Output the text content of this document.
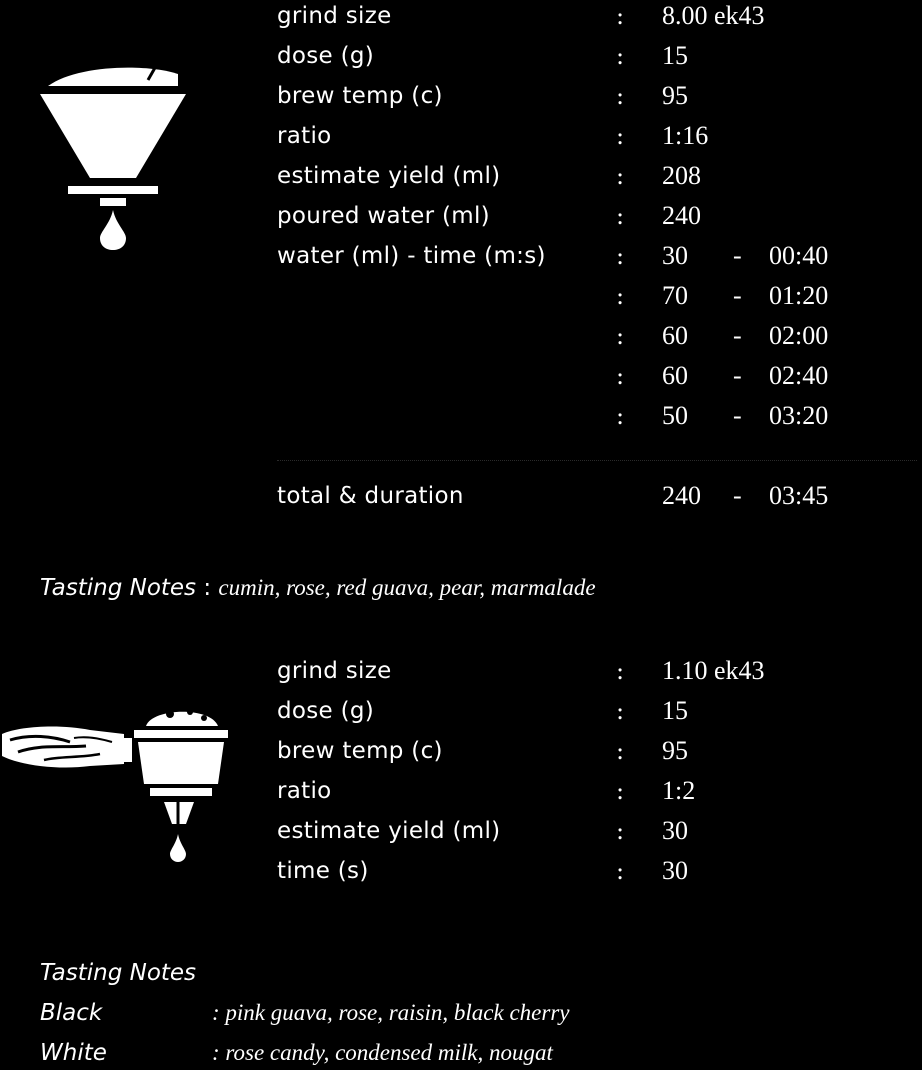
grind size	: 8.00 ek43
dose (g)	: 15
brew temp (c)	: 95
ratio	: 1:16
estimate yield (ml)	: 208
poured water (ml)	: 240
water (ml) - time (m:s)	: 30 - 00:40
: 70 - 01:20
: 60 - 02:00
: 60 - 02:40
: 50 - 03:20
total & duration	240 - 03:45
Tasting Notes : cumin, rose, red guava, pear, marmalade
grind size	: 1.10 ek43
dose (g)	: 15
brew temp (c)	: 95
ratio	: 1:2
estimate yield (ml)	: 30
time (s)	: 30
Tasting Notes
Black	: pink guava, rose, raisin, black cherry
White	: rose candy, condensed milk, nougat
